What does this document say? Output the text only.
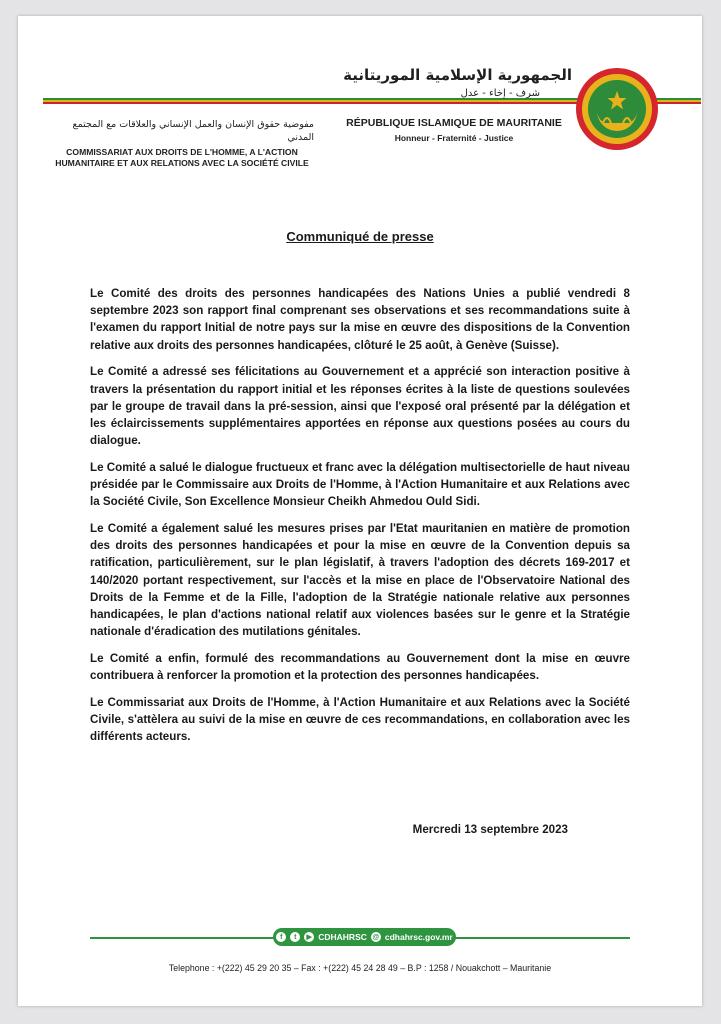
الجمهورية الإسلامية الموريتانية
شرف - إخاء - عدل
RÉPUBLIQUE ISLAMIQUE DE MAURITANIE
Honneur - Fraternité - Justice
مفوضية حقوق الإنسان والعمل الإنساني والعلاقات مع المجتمع المدني
COMMISSARIAT AUX DROITS DE L'HOMME, A L'ACTION
HUMANITAIRE ET AUX RELATIONS AVEC LA SOCIÉTÉ CIVILE
Communiqué de presse

Le Comité des droits des personnes handicapées des Nations Unies a publié vendredi 8 septembre 2023 son rapport final comprenant ses observations et ses recommandations suite à l'examen du rapport Initial de notre pays sur la mise en œuvre des dispositions de la Convention relative aux droits des personnes handicapées, clôturé le 25 août, à Genève (Suisse).

Le Comité a adressé ses félicitations au Gouvernement et a apprécié son interaction positive à travers la présentation du rapport initial et les réponses écrites à la liste de questions soulevées par le groupe de travail dans la pré-session, ainsi que l'exposé oral présenté par la délégation et les éclaircissements supplémentaires apportées en réponse aux questions posées au cours du dialogue.

Le Comité a salué le dialogue fructueux et franc avec la délégation multisectorielle de haut niveau présidée par le Commissaire aux Droits de l'Homme, à l'Action Humanitaire et aux Relations avec la Société Civile, Son Excellence Monsieur Cheikh Ahmedou Ould Sidi.

Le Comité a également salué les mesures prises par l'Etat mauritanien en matière de promotion des droits des personnes handicapées et pour la mise en œuvre de la Convention depuis sa ratification, particulièrement, sur le plan législatif, à travers l'adoption des décrets 169-2017 et 140/2020 portant respectivement, sur l'accès et la mise en place de l'Observatoire National des Droits de la Femme et de la Fille, l'adoption de la Stratégie nationale relative aux personnes handicapées, le plan d'actions national relatif aux violences basées sur le genre et la Stratégie nationale d'éradication des mutilations génitales.

Le Comité a enfin, formulé des recommandations au Gouvernement dont la mise en œuvre contribuera à renforcer la promotion et la protection des personnes handicapées.

Le Commissariat aux Droits de l'Homme, à l'Action Humanitaire et aux Relations avec la Société Civile, s'attèlera au suivi de la mise en œuvre de ces recommandations, en collaboration avec les différents acteurs.

Mercredi 13 septembre 2023
f	t	▶ CDHAHRSC @ cdhahrsc.gov.mr
Telephone : +(222) 45 29 20 35 – Fax : +(222) 45 24 28 49 – B.P : 1258 / Nouakchott – Mauritanie
